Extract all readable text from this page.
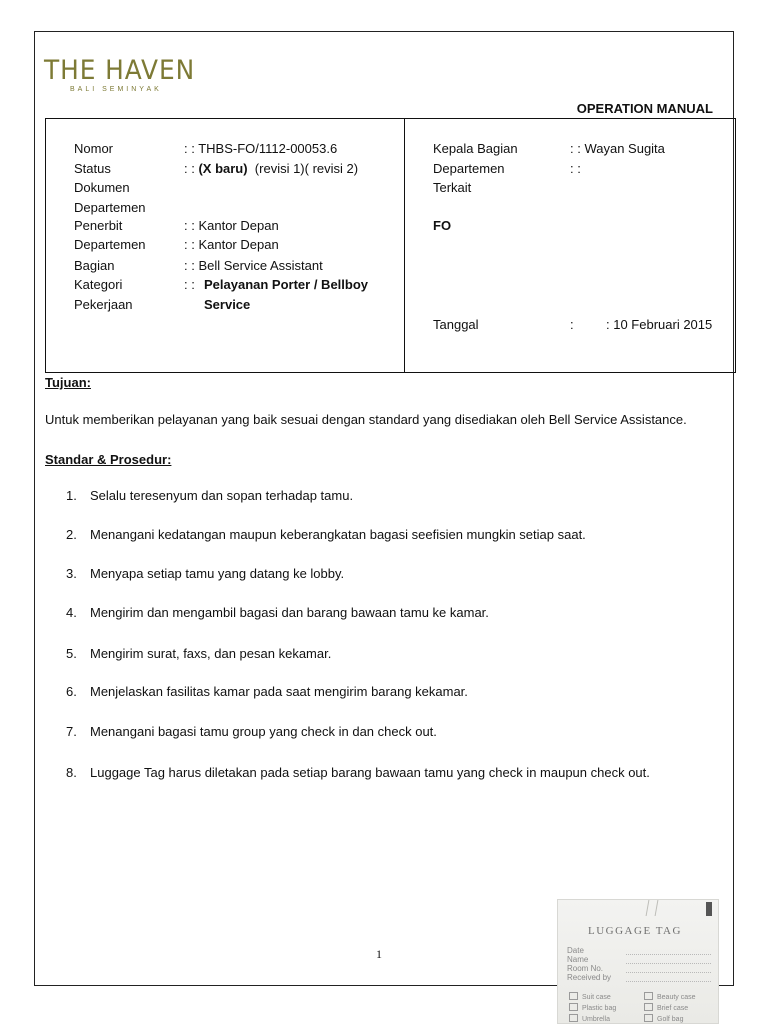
THE HAVEN
BALI SEMINYAK
OPERATION MANUAL
Nomor	: : THBS-FO/1112-00053.6
Status	: : (X baru)  (revisi 1)( revisi 2)
Dokumen
Departemen
Penerbit	: : Kantor Depan
Departemen	: : Kantor Depan
Bagian	: : Bell Service Assistant
Kategori	: : Pelayanan Porter / Bellboy
Pekerjaan	Service
Kepala Bagian	: : Wayan Sugita
Departemen	: :
Terkait
FO
Tanggal	: : 10 Februari 2015
Tujuan:
Untuk memberikan pelayanan yang baik sesuai dengan standard yang disediakan oleh Bell Service Assistance.
Standar & Prosedur:
1. Selalu teresenyum dan sopan terhadap tamu.
2. Menangani kedatangan maupun keberangkatan bagasi seefisien mungkin setiap saat.
3. Menyapa setiap tamu yang datang ke lobby.
4. Mengirim dan mengambil bagasi dan barang bawaan tamu ke kamar.
5. Mengirim surat, faxs, dan pesan kekamar.
6. Menjelaskan fasilitas kamar pada saat mengirim barang kekamar.
7. Menangani bagasi tamu group yang check in dan check out.
8. Luggage Tag harus diletakan pada setiap barang bawaan tamu yang check in maupun check out.
1
LUGGAGE TAG
Date
Name
Room No.
Received by
Suit case
Plastic bag
Umbrella
Beauty case
Brief case
Golf bag
